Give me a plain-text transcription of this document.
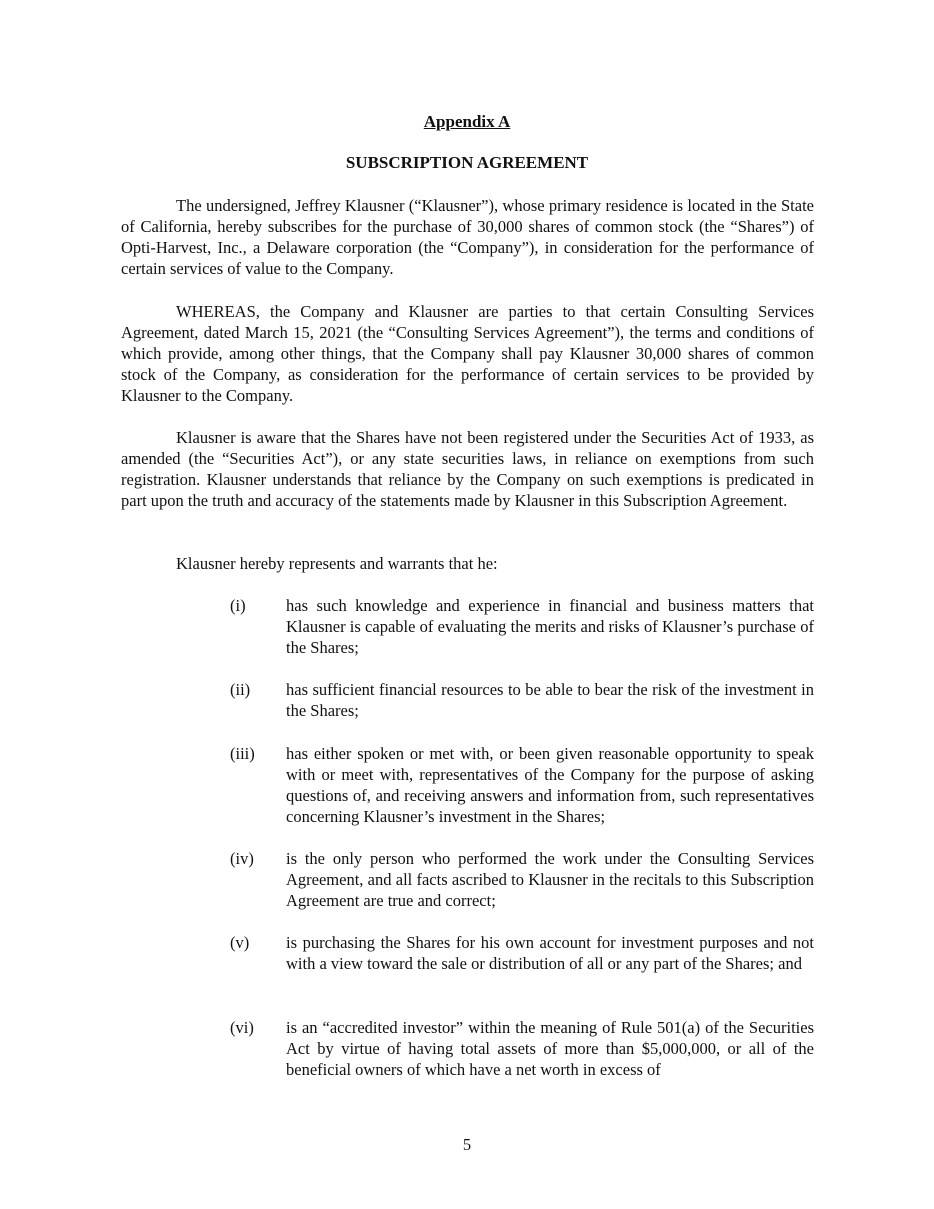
Appendix A
SUBSCRIPTION AGREEMENT

The undersigned, Jeffrey Klausner (“Klausner”), whose primary residence is located in the State of California, hereby subscribes for the purchase of 30,000 shares of common stock (the “Shares”) of Opti-Harvest, Inc., a Delaware corporation (the “Company”), in consideration for the performance of certain services of value to the Company.

WHEREAS, the Company and Klausner are parties to that certain Consulting Services Agreement, dated March 15, 2021 (the “Consulting Services Agreement”), the terms and conditions of which provide, among other things, that the Company shall pay Klausner 30,000 shares of common stock of the Company, as consideration for the performance of certain services to be provided by Klausner to the Company.

Klausner is aware that the Shares have not been registered under the Securities Act of 1933, as amended (the “Securities Act”), or any state securities laws, in reliance on exemptions from such registration. Klausner understands that reliance by the Company on such exemptions is predicated in part upon the truth and accuracy of the statements made by Klausner in this Subscription Agreement.

Klausner hereby represents and warrants that he:

(i)	has such knowledge and experience in financial and business matters that Klausner is capable of evaluating the merits and risks of Klausner’s purchase of the Shares;
(ii)	has sufficient financial resources to be able to bear the risk of the investment in the Shares;
(iii)	has either spoken or met with, or been given reasonable opportunity to speak with or meet with, representatives of the Company for the purpose of asking questions of, and receiving answers and information from, such representatives concerning Klausner’s investment in the Shares;
(iv)	is the only person who performed the work under the Consulting Services Agreement, and all facts ascribed to Klausner in the recitals to this Subscription Agreement are true and correct;
(v)	is purchasing the Shares for his own account for investment purposes and not with a view toward the sale or distribution of all or any part of the Shares; and
(vi)	is an “accredited investor” within the meaning of Rule 501(a) of the Securities Act by virtue of having total assets of more than $5,000,000, or all of the beneficial owners of which have a net worth in excess of
5
